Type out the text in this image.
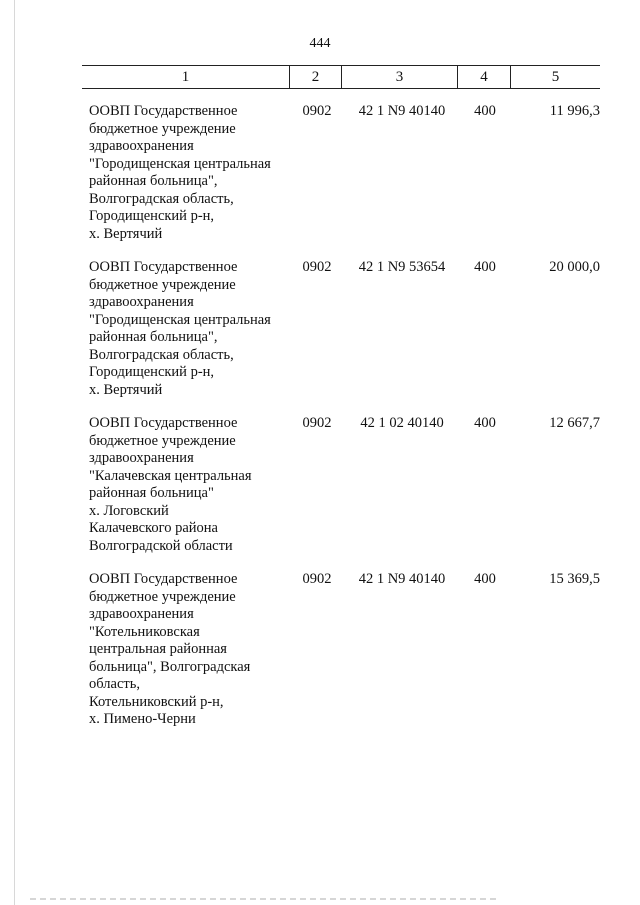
444
1	2	3	4	5
ООВП Государственное
бюджетное учреждение
здравоохранения
"Городищенская центральная
районная больница",
Волгоградская область,
Городищенский р-н,
х. Вертячий
0902	42 1 N9 40140	400	11 996,3
ООВП Государственное
бюджетное учреждение
здравоохранения
"Городищенская центральная
районная больница",
Волгоградская область,
Городищенский р-н,
х. Вертячий
0902	42 1 N9 53654	400	20 000,0
ООВП Государственное
бюджетное учреждение
здравоохранения
"Калачевская центральная
районная больница"
х. Логовский
Калачевского района
Волгоградской области
0902	42 1 02 40140	400	12 667,7
ООВП Государственное
бюджетное учреждение
здравоохранения
"Котельниковская
центральная районная
больница", Волгоградская
область,
Котельниковский р-н,
х. Пимено-Черни
0902	42 1 N9 40140	400	15 369,5
